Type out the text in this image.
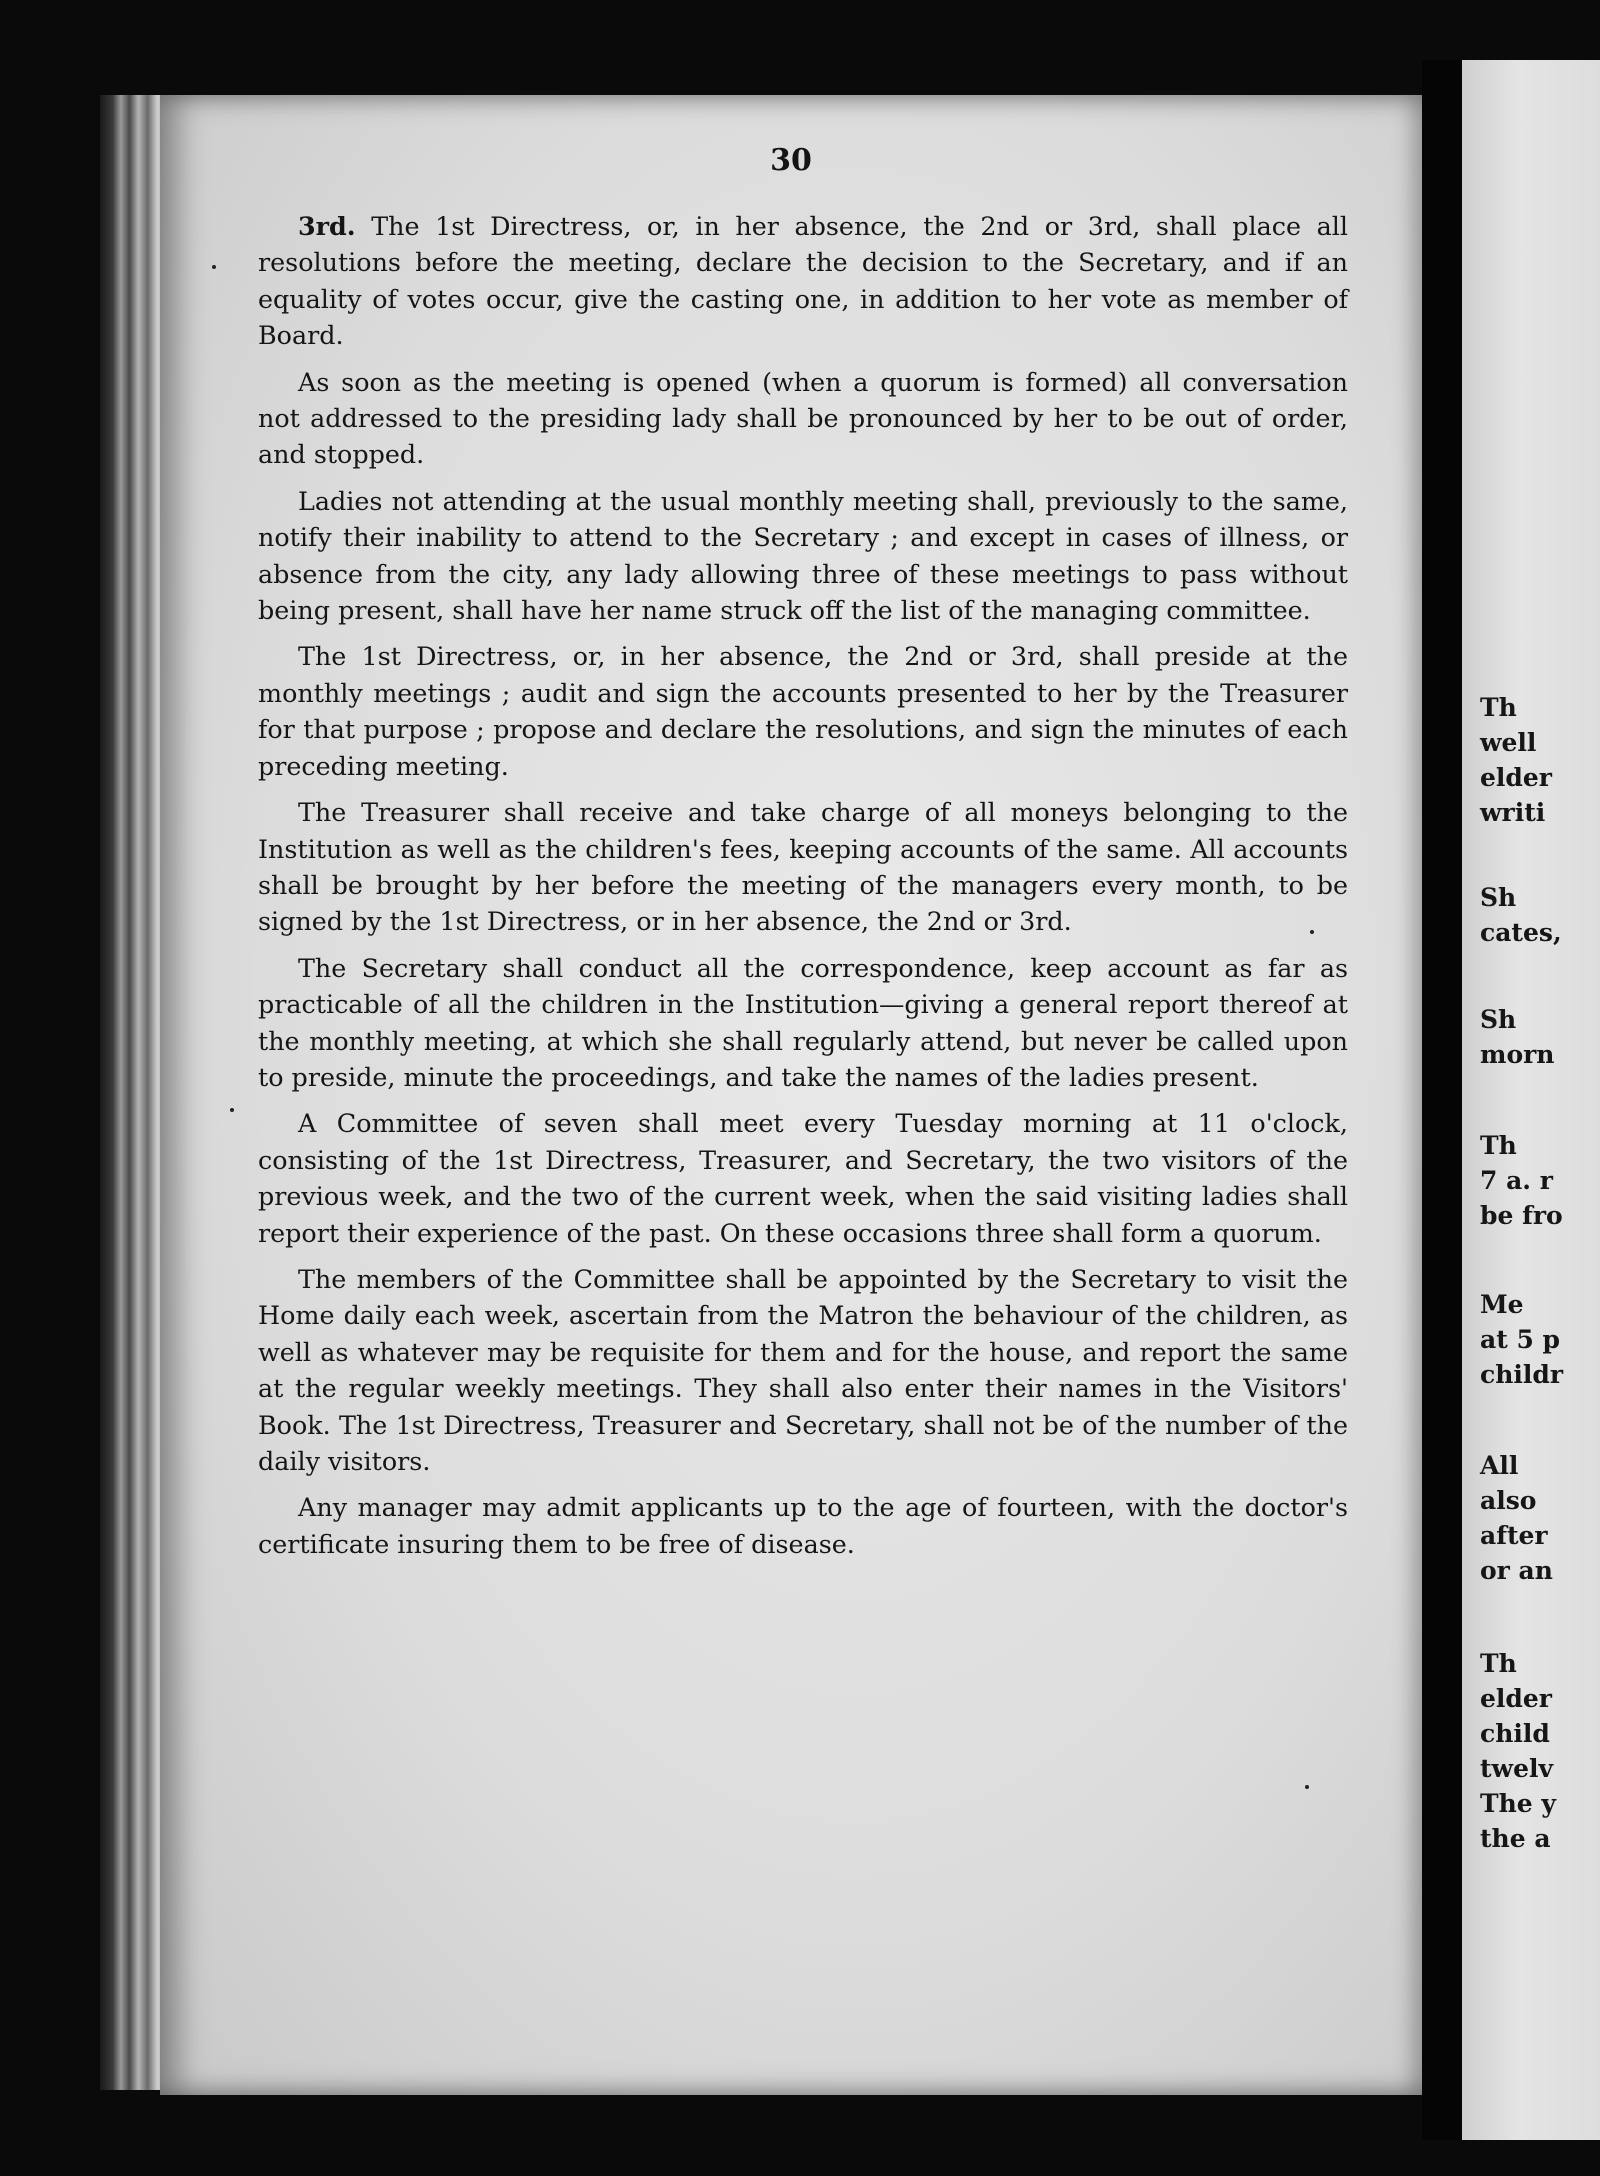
30

3rd. The 1st Directress, or, in her absence, the 2nd or 3rd, shall place all resolutions before the meeting, declare the decision to the Secretary, and if an equality of votes occur, give the casting one, in addition to her vote as member of Board.

As soon as the meeting is opened (when a quorum is formed) all conversation not addressed to the presiding lady shall be pronounced by her to be out of order, and stopped.

Ladies not attending at the usual monthly meeting shall, previously to the same, notify their inability to attend to the Secretary ; and except in cases of illness, or absence from the city, any lady allowing three of these meetings to pass without being present, shall have her name struck off the list of the managing committee.

The 1st Directress, or, in her absence, the 2nd or 3rd, shall preside at the monthly meetings ; audit and sign the accounts presented to her by the Treasurer for that purpose ; propose and declare the resolutions, and sign the minutes of each preceding meeting.

The Treasurer shall receive and take charge of all moneys belonging to the Institution as well as the children's fees, keeping accounts of the same. All accounts shall be brought by her before the meeting of the managers every month, to be signed by the 1st Directress, or in her absence, the 2nd or 3rd.

The Secretary shall conduct all the correspondence, keep account as far as practicable of all the children in the Institution—giving a general report thereof at the monthly meeting, at which she shall regularly attend, but never be called upon to preside, minute the proceedings, and take the names of the ladies present.

A Committee of seven shall meet every Tuesday morning at 11 o'clock, consisting of the 1st Directress, Treasurer, and Secretary, the two visitors of the previous week, and the two of the current week, when the said visiting ladies shall report their experience of the past. On these occasions three shall form a quorum.

The members of the Committee shall be appointed by the Secretary to visit the Home daily each week, ascertain from the Matron the behaviour of the children, as well as whatever may be requisite for them and for the house, and report the same at the regular weekly meetings. They shall also enter their names in the Visitors' Book. The 1st Directress, Treasurer and Secretary, shall not be of the number of the daily visitors.

Any manager may admit applicants up to the age of fourteen, with the doctor's certificate insuring them to be free of disease.

Th
well
elder
writi
Sh
cates,
Sh
morn
Th
7 a. r
be fro
Me
at 5 p
childr
All
also
after
or an
Th
elder
child
twelv
The y
the a
